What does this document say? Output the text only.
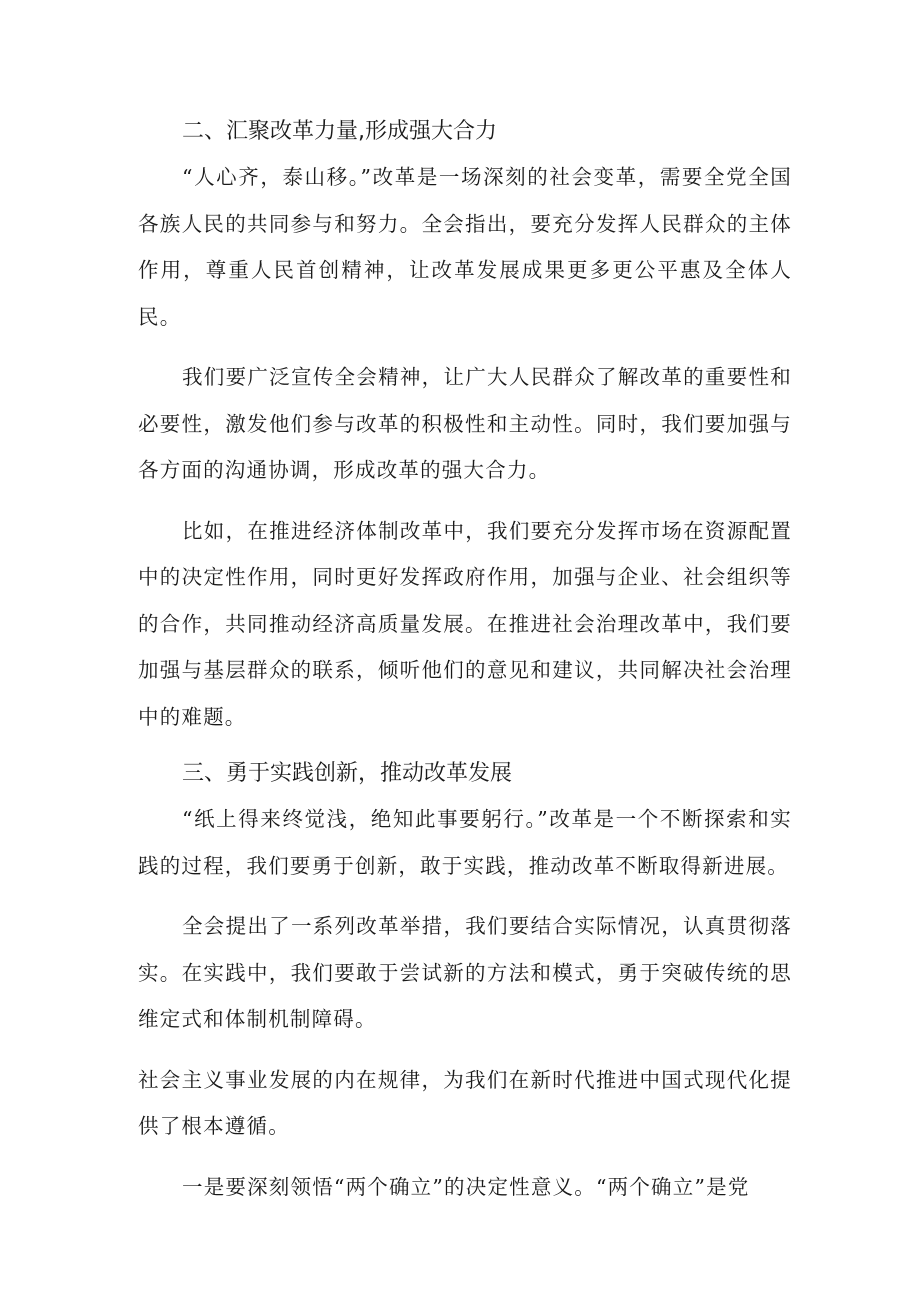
二、汇聚改革力量,形成强大合力

“人心齐，泰山移。”改革是一场深刻的社会变革，需要全党全国各族人民的共同参与和努力。全会指出，要充分发挥人民群众的主体作用，尊重人民首创精神，让改革发展成果更多更公平惠及全体人民。

我们要广泛宣传全会精神，让广大人民群众了解改革的重要性和必要性，激发他们参与改革的积极性和主动性。同时，我们要加强与各方面的沟通协调，形成改革的强大合力。

比如，在推进经济体制改革中，我们要充分发挥市场在资源配置中的决定性作用，同时更好发挥政府作用，加强与企业、社会组织等的合作，共同推动经济高质量发展。在推进社会治理改革中，我们要加强与基层群众的联系，倾听他们的意见和建议，共同解决社会治理中的难题。

三、勇于实践创新，推动改革发展

“纸上得来终觉浅，绝知此事要躬行。”改革是一个不断探索和实践的过程，我们要勇于创新，敢于实践，推动改革不断取得新进展。

全会提出了一系列改革举措，我们要结合实际情况，认真贯彻落实。在实践中，我们要敢于尝试新的方法和模式，勇于突破传统的思维定式和体制机制障碍。

社会主义事业发展的内在规律，为我们在新时代推进中国式现代化提供了根本遵循。

一是要深刻领悟“两个确立”的决定性意义。“两个确立”是党
